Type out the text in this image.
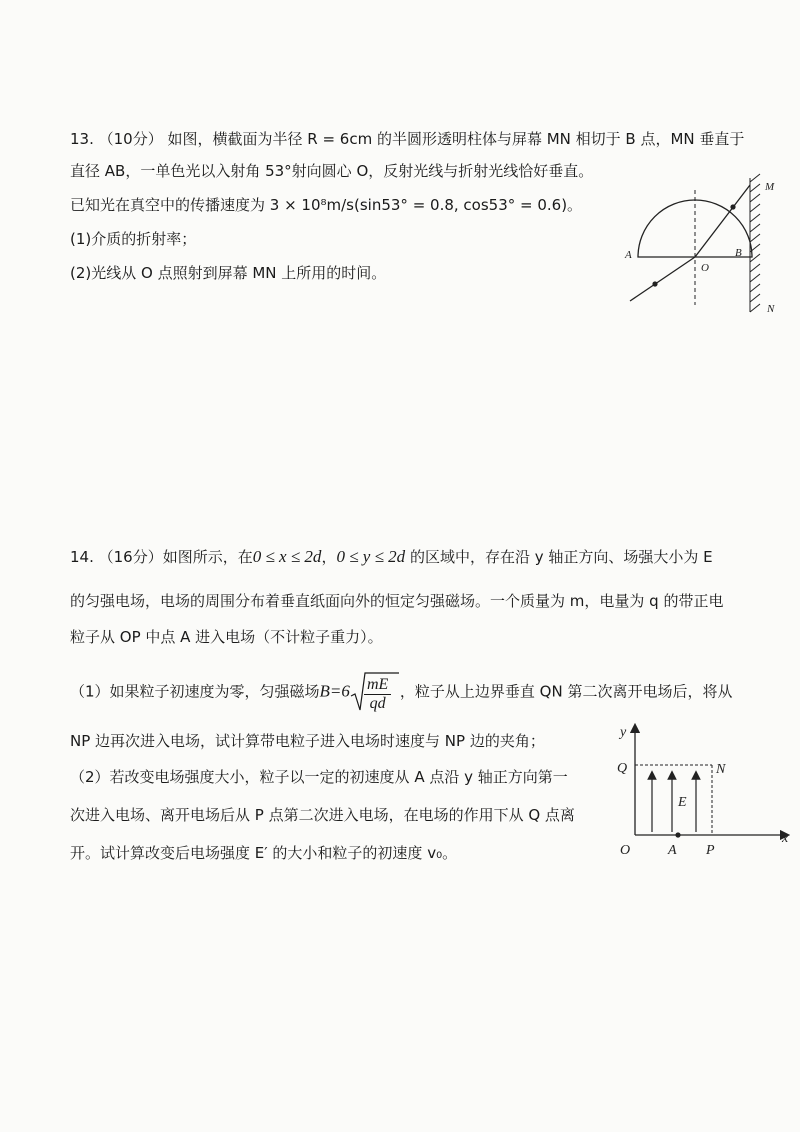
13. （10分） 如图，横截面为半径 R = 6cm 的半圆形透明柱体与屏幕 MN 相切于 B 点，MN 垂直于
直径 AB，一单色光以入射角 53°射向圆心 O，反射光线与折射光线恰好垂直。
已知光在真空中的传播速度为 3 × 10⁸m/s(sin53° = 0.8, cos53° = 0.6)。
(1)介质的折射率；
(2)光线从 O 点照射到屏幕 MN 上所用的时间。
A	B
O
M
N
14. （16分）如图所示，在0 ≤ x ≤ 2d，0 ≤ y ≤ 2d 的区域中，存在沿 y 轴正方向、场强大小为 E
的匀强电场，电场的周围分布着垂直纸面向外的恒定匀强磁场。一个质量为 m，电量为 q 的带正电
粒子从 OP 中点 A 进入电场（不计粒子重力）。
（1）如果粒子初速度为零，匀强磁场$B=6 \frac{mE}{qd}$ ，粒子从上边界垂直 QN 第二次离开电场后，将从
NP 边再次进入电场，试计算带电粒子进入电场时速度与 NP 边的夹角；
（2）若改变电场强度大小，粒子以一定的初速度从 A 点沿 y 轴正方向第一
次进入电场、离开电场后从 P 点第二次进入电场，在电场的作用下从 Q 点离
开。试计算改变后电场强度 E′ 的大小和粒子的初速度 v₀。
y
x
Q	N
E
O	A P
